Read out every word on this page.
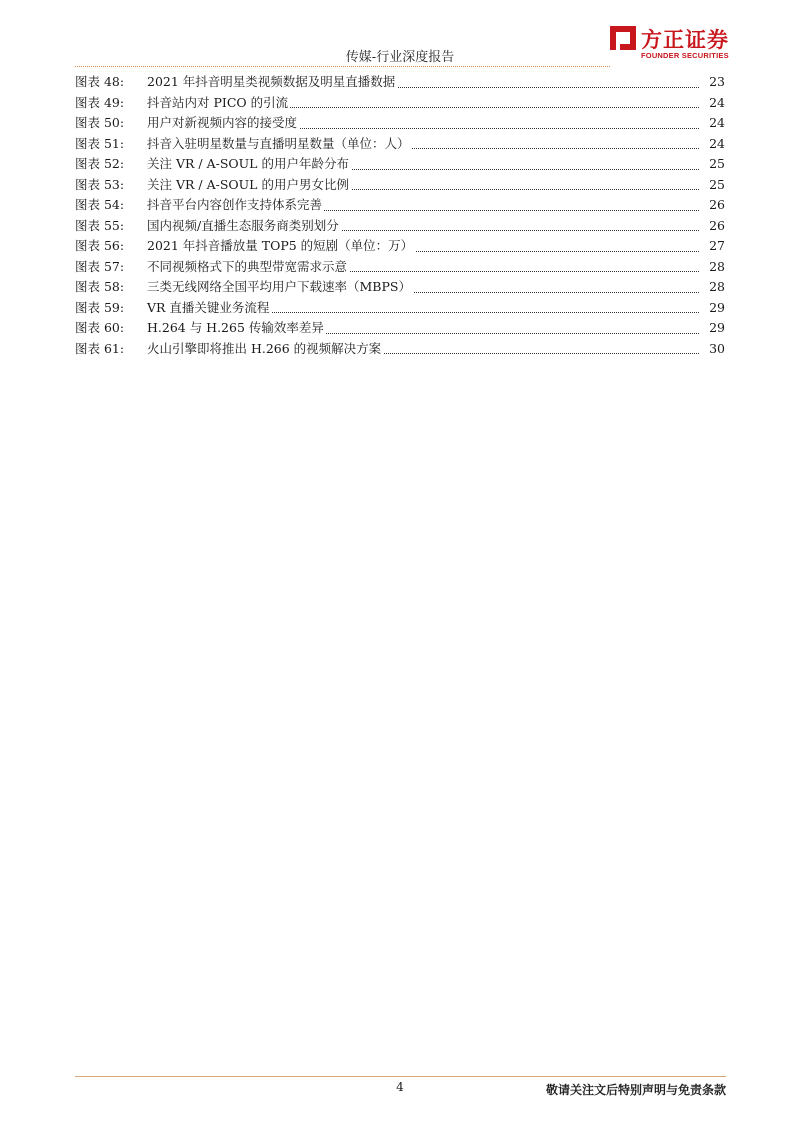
传媒-行业深度报告
方正证券
FOUNDER SECURITIES
图表 48: 2021 年抖音明星类视频数据及明星直播数据	23
图表 49: 抖音站内对 PICO 的引流	24
图表 50: 用户对新视频内容的接受度	24
图表 51: 抖音入驻明星数量与直播明星数量（单位：人）	24
图表 52: 关注 VR / A-SOUL 的用户年龄分布	25
图表 53: 关注 VR / A-SOUL 的用户男女比例	25
图表 54: 抖音平台内容创作支持体系完善	26
图表 55: 国内视频/直播生态服务商类别划分	26
图表 56: 2021 年抖音播放量 TOP5 的短剧（单位：万）	27
图表 57: 不同视频格式下的典型带宽需求示意	28
图表 58: 三类无线网络全国平均用户下载速率（MBPS）	28
图表 59: VR 直播关键业务流程	29
图表 60: H.264 与 H.265 传输效率差异	29
图表 61: 火山引擎即将推出 H.266 的视频解决方案	30
4	敬请关注文后特别声明与免责条款
